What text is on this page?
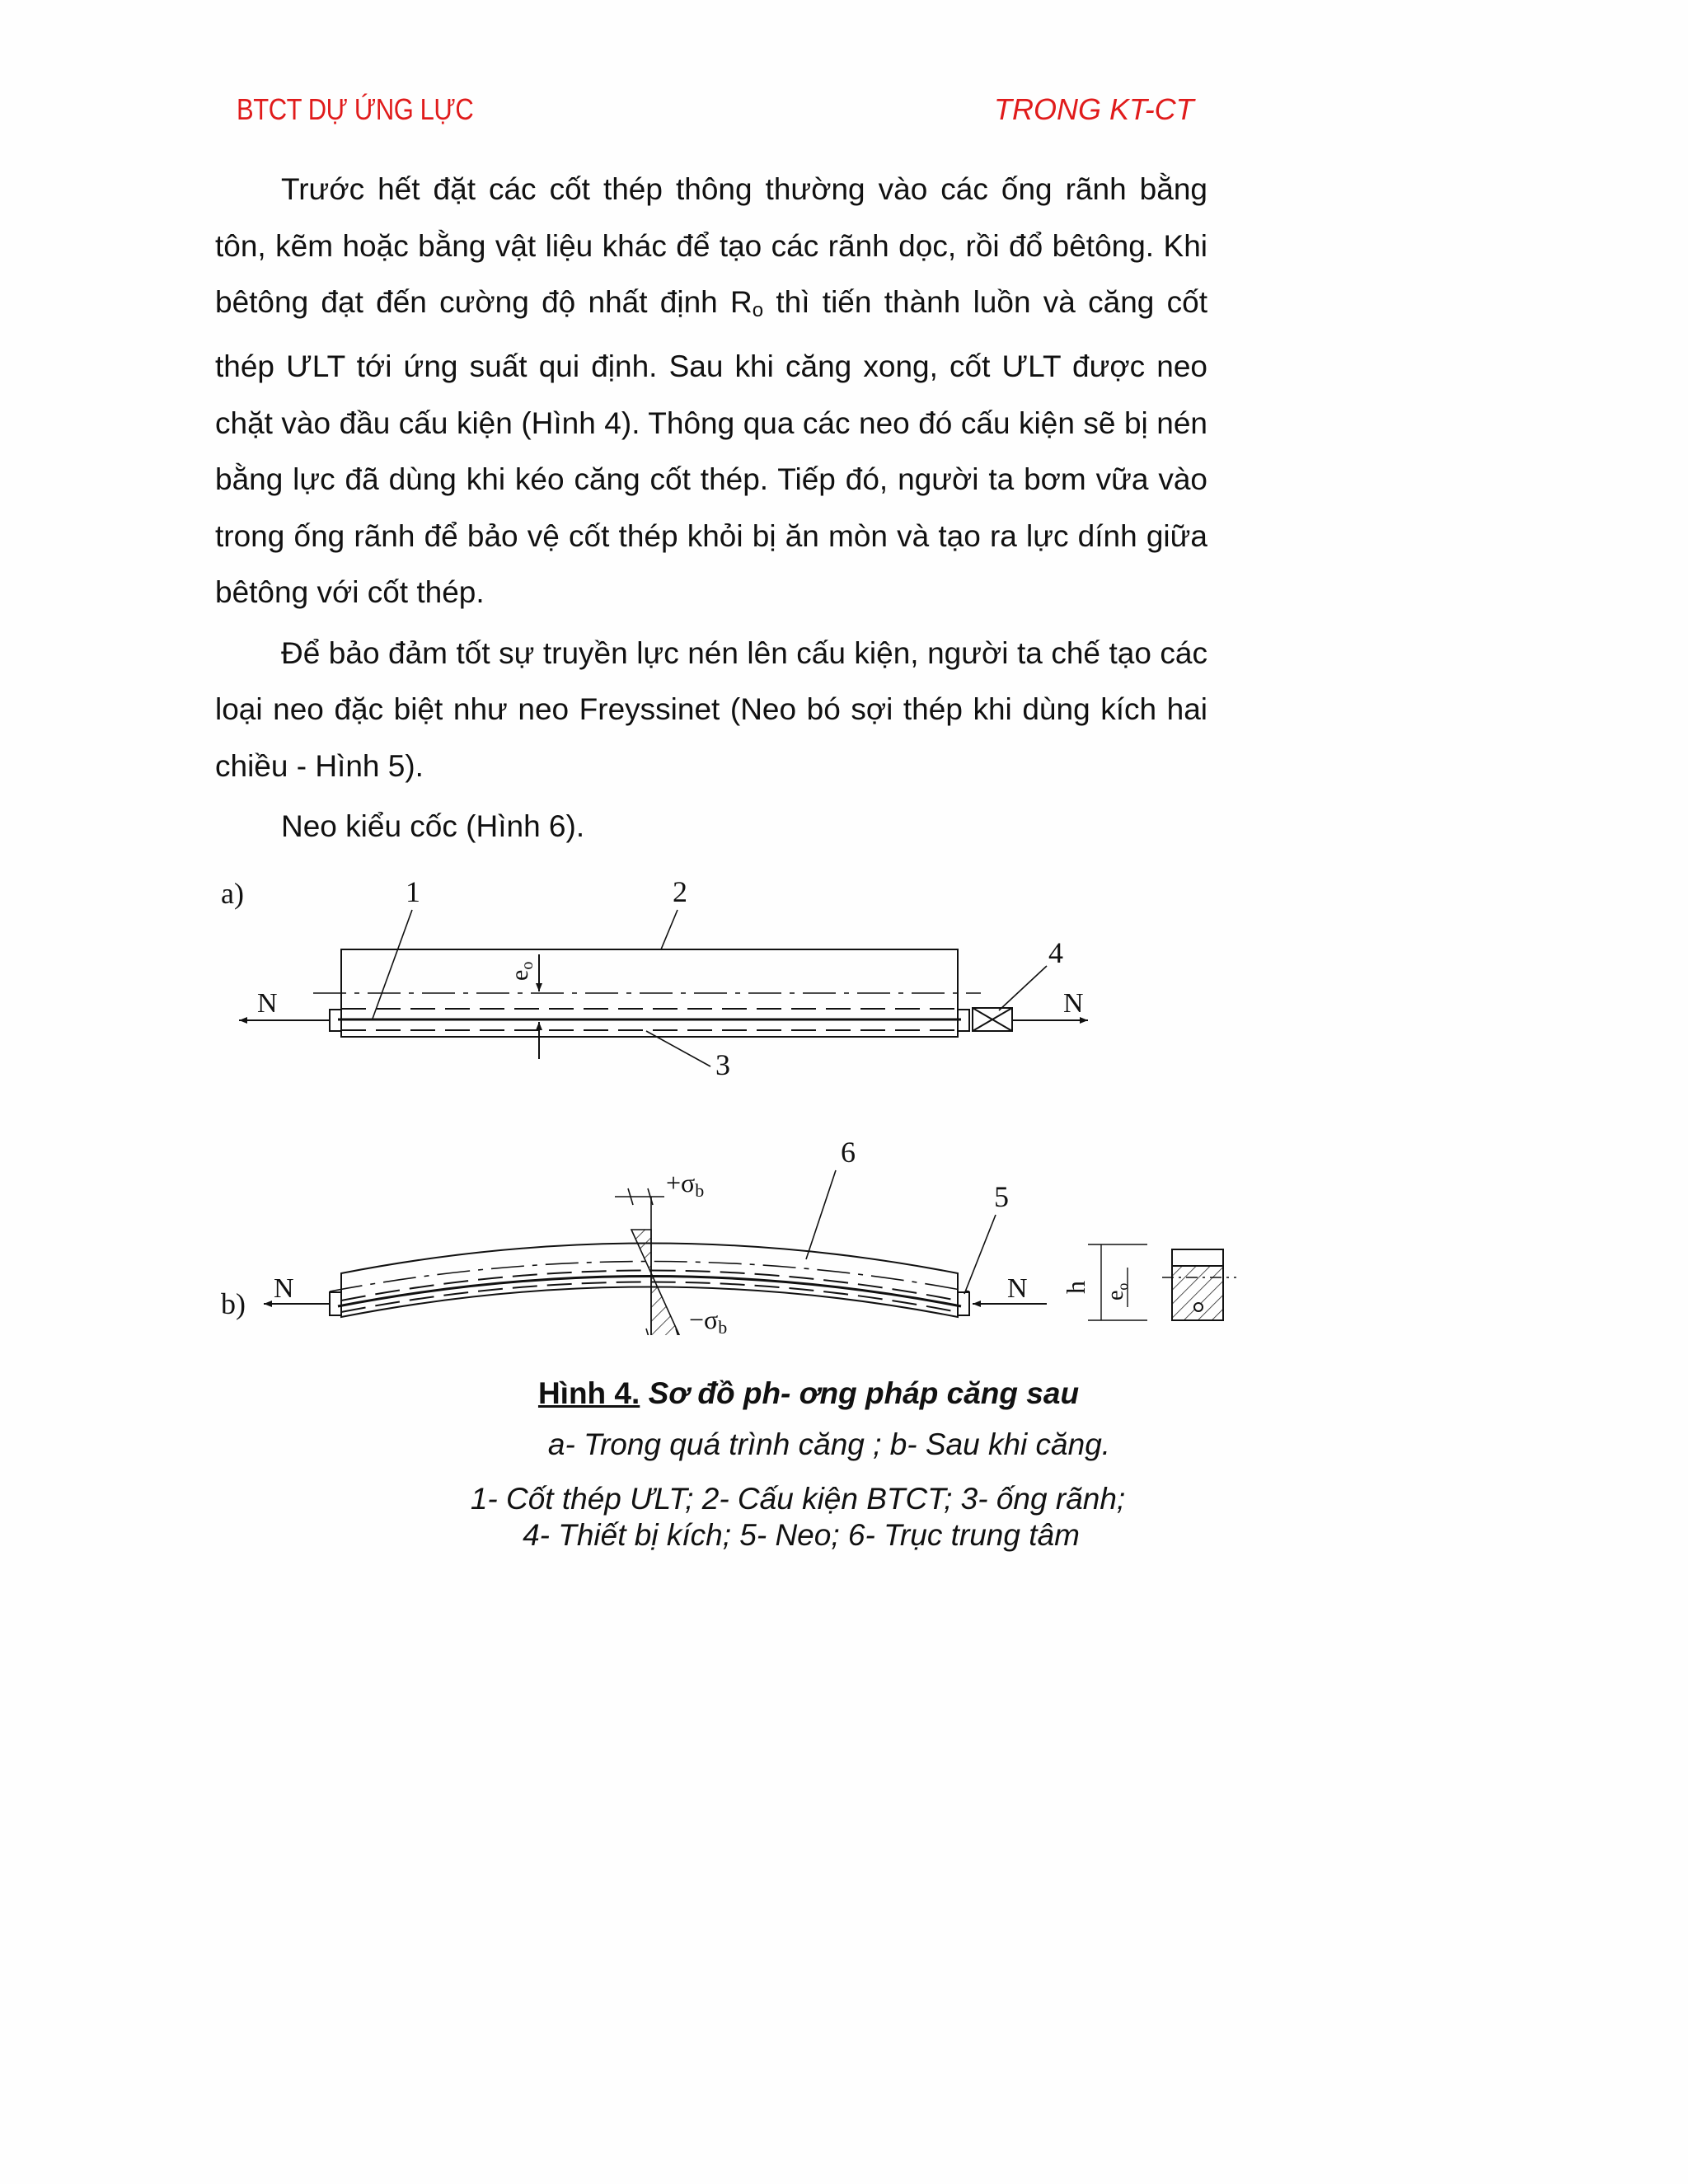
BTCT DỰ ỨNG LỰC	TRONG KT-CT

Trước hết đặt các cốt thép thông thường vào các ống rãnh bằng tôn, kẽm hoặc bằng vật liệu khác để tạo các rãnh dọc, rồi đổ bêtông. Khi bêtông đạt đến cường độ nhất định Ro thì tiến thành luồn và căng cốt thép ƯLT tới ứng suất qui định. Sau khi căng xong, cốt ƯLT được neo chặt vào đầu cấu kiện (Hình 4). Thông qua các neo đó cấu kiện sẽ bị nén bằng lực đã dùng khi kéo căng cốt thép. Tiếp đó, người ta bơm vữa vào trong ống rãnh để bảo vệ cốt thép khỏi bị ăn mòn và tạo ra lực dính giữa bêtông với cốt thép.

Để bảo đảm tốt sự truyền lực nén lên cấu kiện, người ta chế tạo các loại neo đặc biệt như neo Freyssinet (Neo bó sợi thép khi dùng kích hai chiều - Hình 5).

Neo kiểu cốc (Hình 6).

a)
N	N
$e_o$
1	2
3
4
b) N	N
+σb
−σb
6
5
h
$e_o$
Hình 4. Sơ đồ ph- ơng pháp căng sau
a- Trong quá trình căng ; b- Sau khi căng.
1- Cốt thép ƯLT; 2- Cấu kiện BTCT; 3- ống rãnh;
4- Thiết bị kích; 5- Neo; 6- Trục trung tâm
